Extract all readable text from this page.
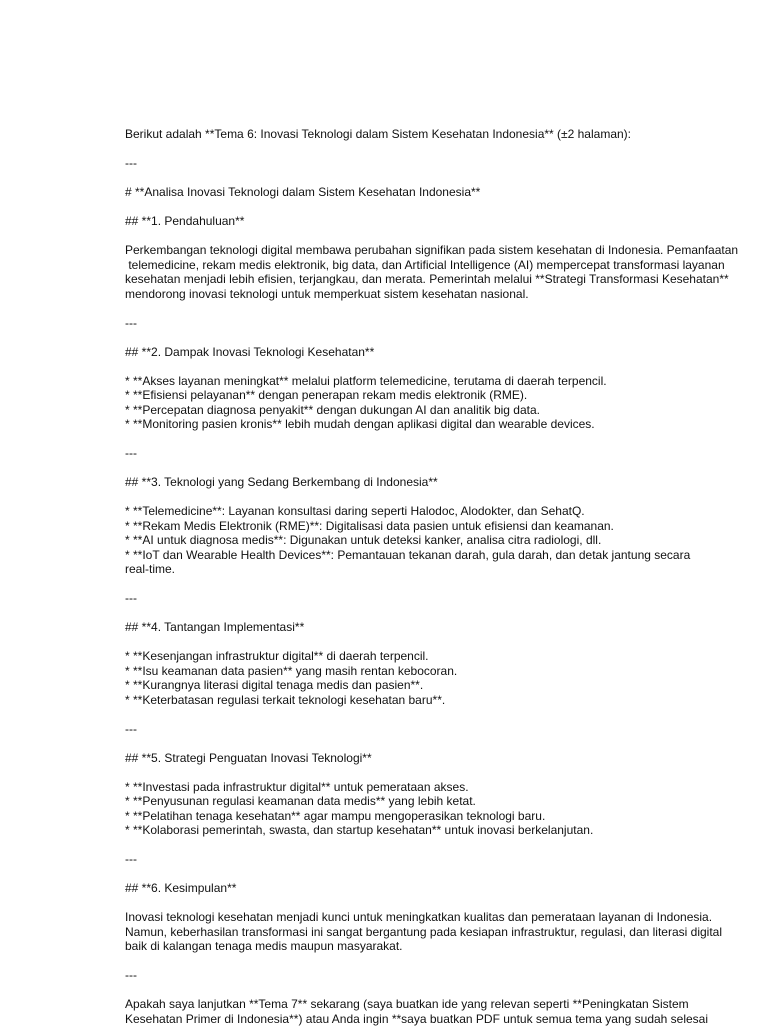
Berikut adalah **Tema 6: Inovasi Teknologi dalam Sistem Kesehatan Indonesia** (±2 halaman):
---
# **Analisa Inovasi Teknologi dalam Sistem Kesehatan Indonesia**
## **1. Pendahuluan**
Perkembangan teknologi digital membawa perubahan signifikan pada sistem kesehatan di Indonesia. Pemanfaatan
telemedicine, rekam medis elektronik, big data, dan Artificial Intelligence (AI) mempercepat transformasi layanan
kesehatan menjadi lebih efisien, terjangkau, dan merata. Pemerintah melalui **Strategi Transformasi Kesehatan**
mendorong inovasi teknologi untuk memperkuat sistem kesehatan nasional.
---
## **2. Dampak Inovasi Teknologi Kesehatan**
* **Akses layanan meningkat** melalui platform telemedicine, terutama di daerah terpencil.
* **Efisiensi pelayanan** dengan penerapan rekam medis elektronik (RME).
* **Percepatan diagnosa penyakit** dengan dukungan AI dan analitik big data.
* **Monitoring pasien kronis** lebih mudah dengan aplikasi digital dan wearable devices.
---
## **3. Teknologi yang Sedang Berkembang di Indonesia**
* **Telemedicine**: Layanan konsultasi daring seperti Halodoc, Alodokter, dan SehatQ.
* **Rekam Medis Elektronik (RME)**: Digitalisasi data pasien untuk efisiensi dan keamanan.
* **AI untuk diagnosa medis**: Digunakan untuk deteksi kanker, analisa citra radiologi, dll.
* **IoT dan Wearable Health Devices**: Pemantauan tekanan darah, gula darah, dan detak jantung secara
real-time.
---
## **4. Tantangan Implementasi**
* **Kesenjangan infrastruktur digital** di daerah terpencil.
* **Isu keamanan data pasien** yang masih rentan kebocoran.
* **Kurangnya literasi digital tenaga medis dan pasien**.
* **Keterbatasan regulasi terkait teknologi kesehatan baru**.
---
## **5. Strategi Penguatan Inovasi Teknologi**
* **Investasi pada infrastruktur digital** untuk pemerataan akses.
* **Penyusunan regulasi keamanan data medis** yang lebih ketat.
* **Pelatihan tenaga kesehatan** agar mampu mengoperasikan teknologi baru.
* **Kolaborasi pemerintah, swasta, dan startup kesehatan** untuk inovasi berkelanjutan.
---
## **6. Kesimpulan**
Inovasi teknologi kesehatan menjadi kunci untuk meningkatkan kualitas dan pemerataan layanan di Indonesia.
Namun, keberhasilan transformasi ini sangat bergantung pada kesiapan infrastruktur, regulasi, dan literasi digital
baik di kalangan tenaga medis maupun masyarakat.
---
Apakah saya lanjutkan **Tema 7** sekarang (saya buatkan ide yang relevan seperti **Peningkatan Sistem
Kesehatan Primer di Indonesia**) atau Anda ingin **saya buatkan PDF untuk semua tema yang sudah selesai
